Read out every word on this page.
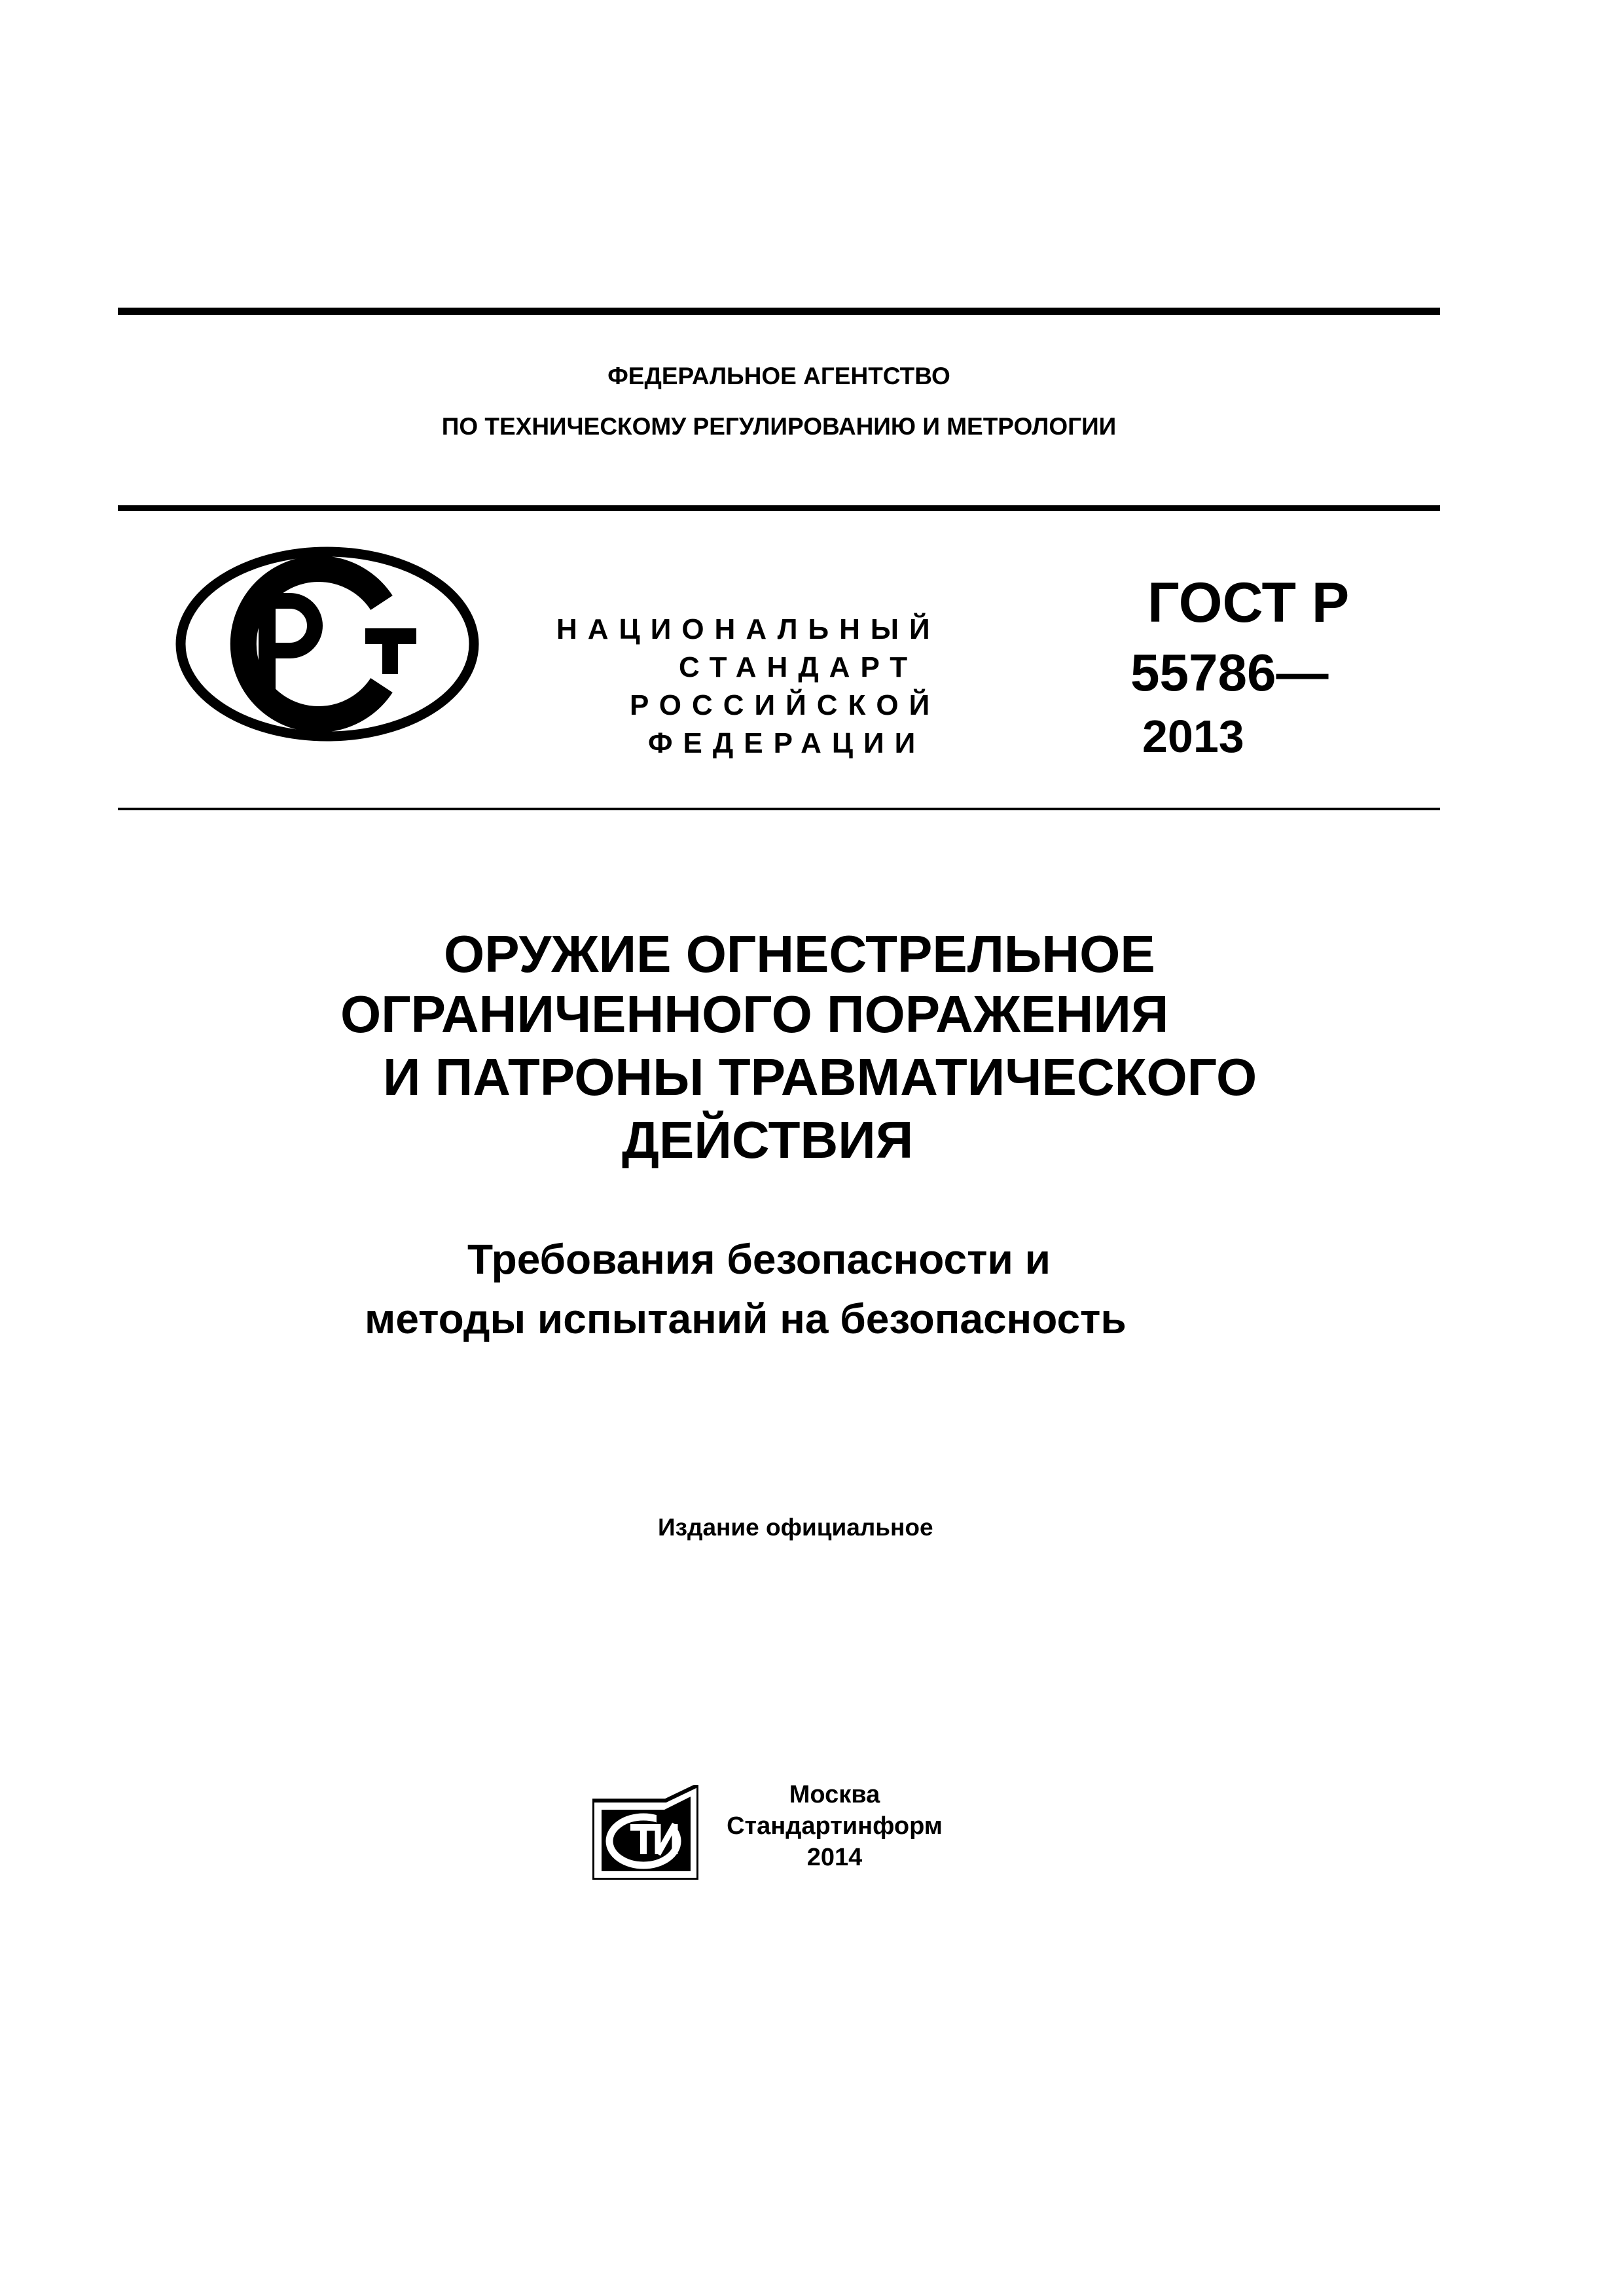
ФЕДЕРАЛЬНОЕ АГЕНТСТВО
ПО ТЕХНИЧЕСКОМУ РЕГУЛИРОВАНИЮ И МЕТРОЛОГИИ
НАЦИОНАЛЬНЫЙ
СТАНДАРТ
РОССИЙСКОЙ
ФЕДЕРАЦИИ
ГОСТ Р
55786—
2013
ОРУЖИЕ ОГНЕСТРЕЛЬНОЕ
ОГРАНИЧЕННОГО ПОРАЖЕНИЯ
И ПАТРОНЫ ТРАВМАТИЧЕСКОГО
ДЕЙСТВИЯ
Требования безопасности и
методы испытаний на безопасность
Издание официальное
Москва
Стандартинформ
2014
